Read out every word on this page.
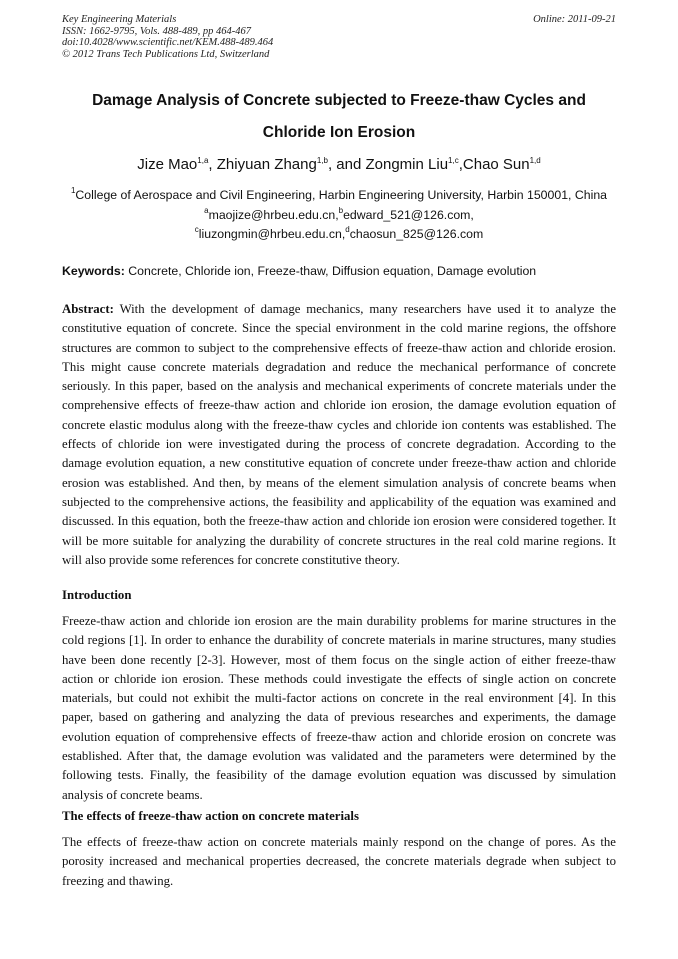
Key Engineering Materials
ISSN: 1662-9795, Vols. 488-489, pp 464-467
doi:10.4028/www.scientific.net/KEM.488-489.464
© 2012 Trans Tech Publications Ltd, Switzerland
Online: 2011-09-21
Damage Analysis of Concrete subjected to Freeze-thaw Cycles and
Chloride Ion Erosion
Jize Mao$^{1,a}$, Zhiyuan Zhang$^{1,b}$, and Zongmin Liu$^{1,c}$,Chao Sun$^{1,d}$
$^1$College of Aerospace and Civil Engineering, Harbin Engineering University, Harbin 150001, China
$^a$maojize@hrbeu.edu.cn,$^b$edward_521@126.com,
$^c$liuzongmin@hrbeu.edu.cn,$^d$chaosun_825@126.com
Keywords: Concrete, Chloride ion, Freeze-thaw, Diffusion equation, Damage evolution

Abstract: With the development of damage mechanics, many researchers have used it to analyze the constitutive equation of concrete. Since the special environment in the cold marine regions, the offshore structures are common to subject to the comprehensive effects of freeze-thaw action and chloride erosion. This might cause concrete materials degradation and reduce the mechanical performance of concrete seriously. In this paper, based on the analysis and mechanical experiments of concrete materials under the comprehensive effects of freeze-thaw action and chloride ion erosion, the damage evolution equation of concrete elastic modulus along with the freeze-thaw cycles and chloride ion contents was established. The effects of chloride ion were investigated during the process of concrete degradation. According to the damage evolution equation, a new constitutive equation of concrete under freeze-thaw action and chloride erosion was established. And then, by means of the element simulation analysis of concrete beams when subjected to the comprehensive actions, the feasibility and applicability of the equation was examined and discussed. In this equation, both the freeze-thaw action and chloride ion erosion were considered together. It will be more suitable for analyzing the durability of concrete structures in the real cold marine regions. It will also provide some references for concrete constitutive theory.

Introduction

Freeze-thaw action and chloride ion erosion are the main durability problems for marine structures in the cold regions [1]. In order to enhance the durability of concrete materials in marine structures, many studies have been done recently [2-3]. However, most of them focus on the single action of either freeze-thaw action or chloride ion erosion. These methods could investigate the effects of single action on concrete materials, but could not exhibit the multi-factor actions on concrete in the real environment [4]. In this paper, based on gathering and analyzing the data of previous researches and experiments, the damage evolution equation of comprehensive effects of freeze-thaw action and chloride erosion on concrete was established. After that, the damage evolution was validated and the parameters were determined by the following tests. Finally, the feasibility of the damage evolution equation was discussed by simulation analysis of concrete beams.

The effects of freeze-thaw action on concrete materials

The effects of freeze-thaw action on concrete materials mainly respond on the change of pores. As the porosity increased and mechanical properties decreased, the concrete materials degrade when subject to freezing and thawing.
